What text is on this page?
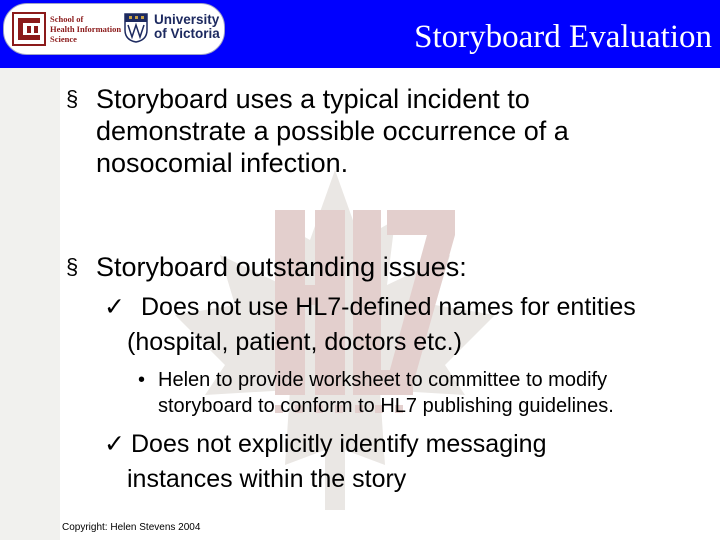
School of
Health Information
Science
University
of Victoria	Storyboard Evaluation
§ Storyboard uses a typical incident to
demonstrate a possible occurrence of a
nosocomial infection.
§ Storyboard outstanding issues:
✓ Does not use HL7-defined names for entities
(hospital, patient, doctors etc.)
• Helen to provide worksheet to committee to modify
storyboard to conform to HL7 publishing guidelines.
✓ Does not explicitly identify messaging
instances within the story
Copyright: Helen Stevens 2004
